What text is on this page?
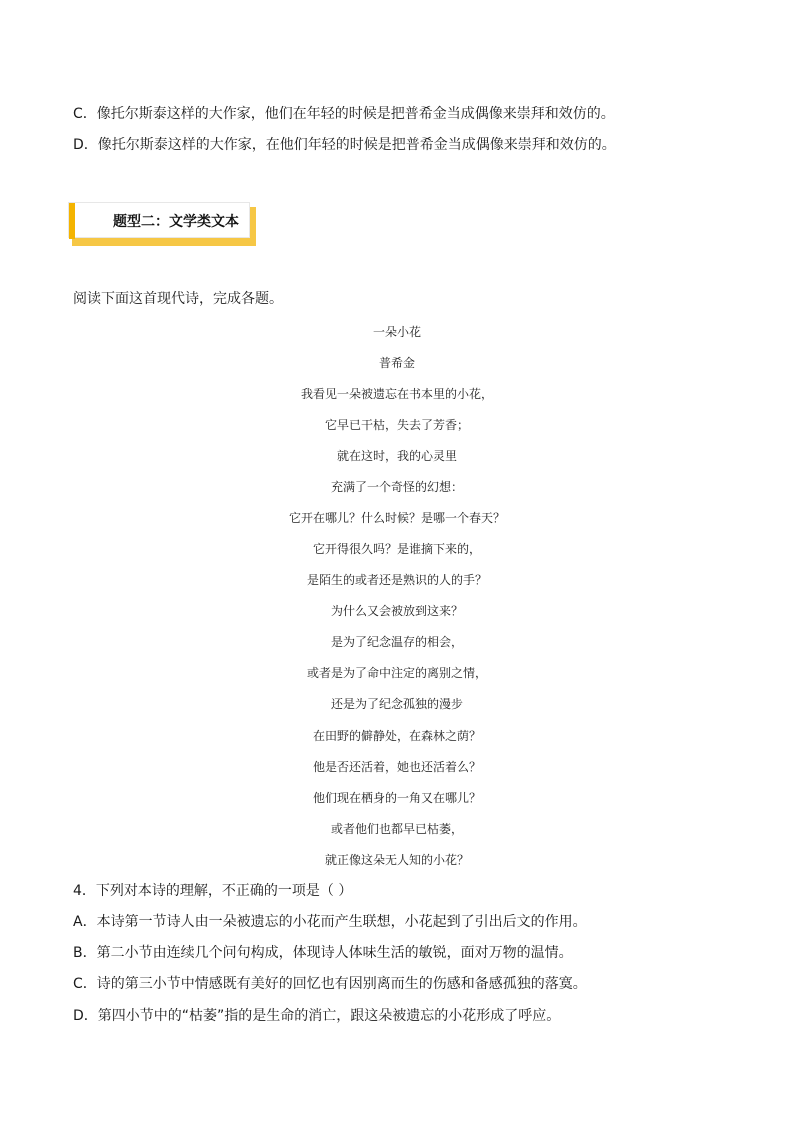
C．像托尔斯泰这样的大作家，他们在年轻的时候是把普希金当成偶像来崇拜和效仿的。
D．像托尔斯泰这样的大作家，在他们年轻的时候是把普希金当成偶像来崇拜和效仿的。
题型二：文学类文本
阅读下面这首现代诗，完成各题。
一朵小花
普希金
我看见一朵被遗忘在书本里的小花，
它早已干枯，失去了芳香；
就在这时，我的心灵里
充满了一个奇怪的幻想：
它开在哪儿？什么时候？是哪一个春天？
它开得很久吗？是谁摘下来的，
是陌生的或者还是熟识的人的手？
为什么又会被放到这来？
是为了纪念温存的相会，
或者是为了命中注定的离别之情，
还是为了纪念孤独的漫步
在田野的僻静处，在森林之荫？
他是否还活着，她也还活着么？
他们现在栖身的一角又在哪儿？
或者他们也都早已枯萎，
就正像这朵无人知的小花？
4．下列对本诗的理解，不正确的一项是（ ）
A．本诗第一节诗人由一朵被遗忘的小花而产生联想，小花起到了引出后文的作用。
B．第二小节由连续几个问句构成，体现诗人体味生活的敏锐，面对万物的温情。
C．诗的第三小节中情感既有美好的回忆也有因别离而生的伤感和备感孤独的落寞。
D．第四小节中的“枯萎”指的是生命的消亡，跟这朵被遗忘的小花形成了呼应。
